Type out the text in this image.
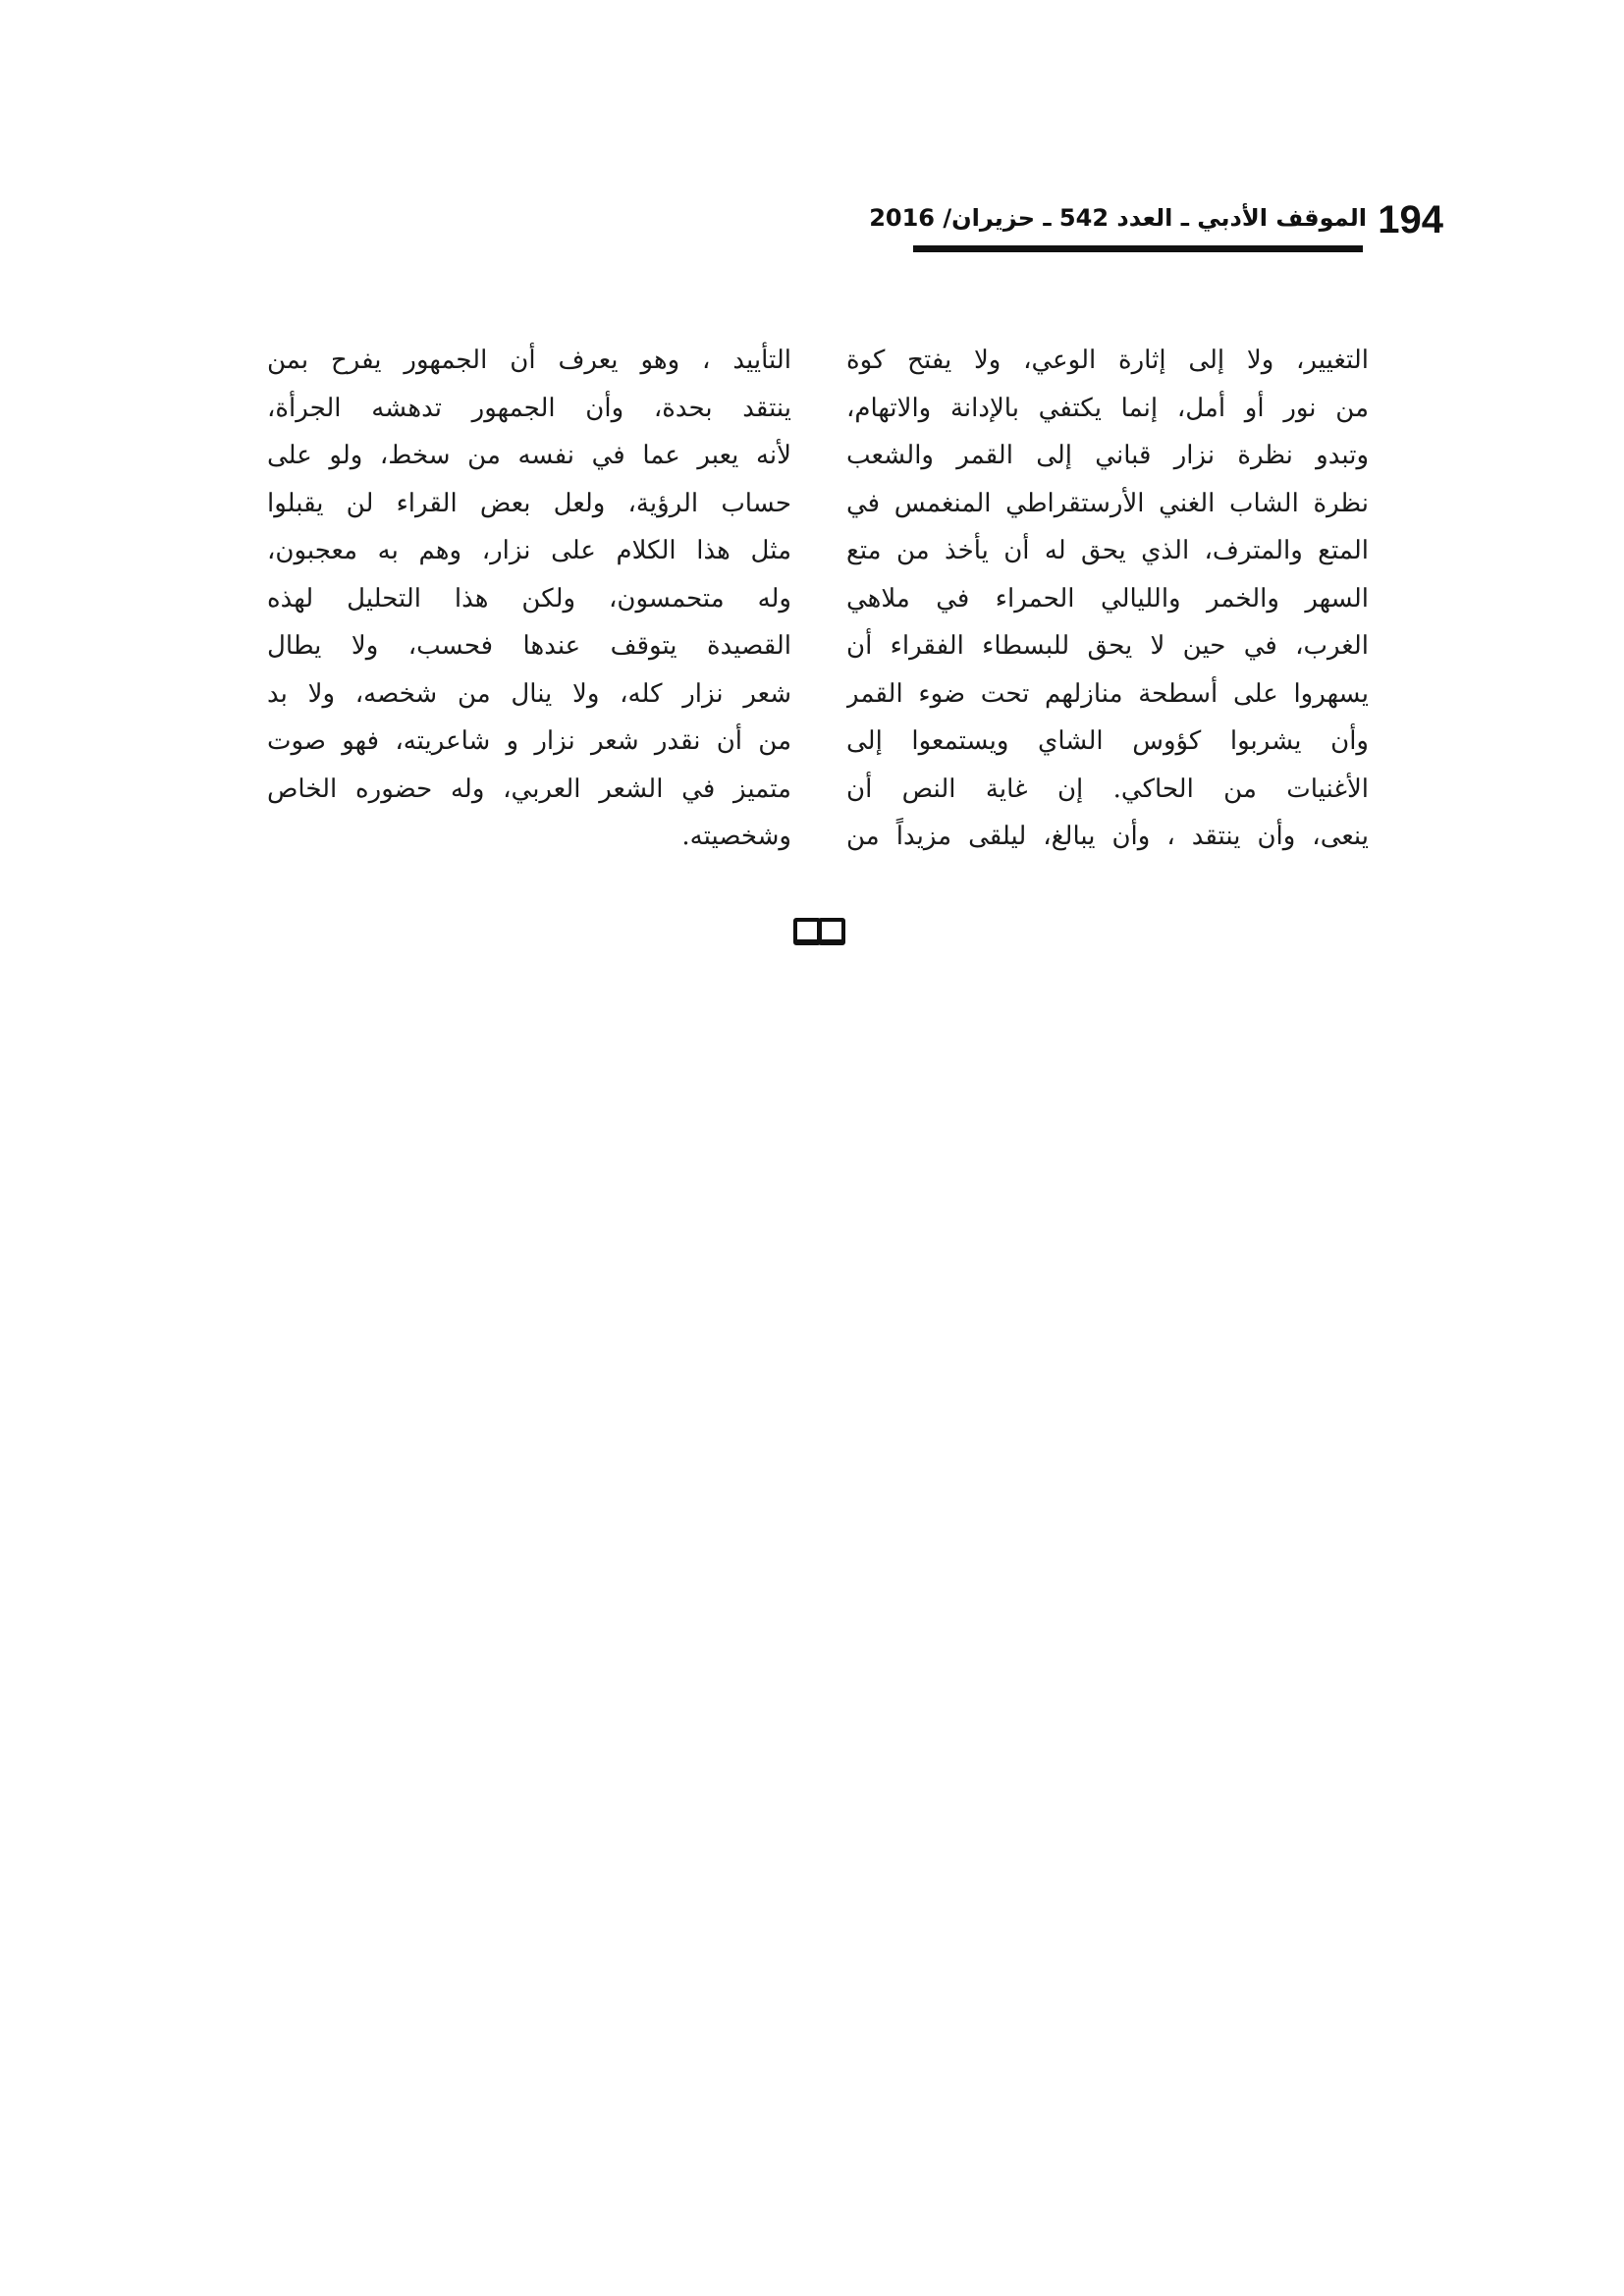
194
الموقف الأدبي ـ العدد 542 ـ حزيران/ 2016
التغيير، ولا إلى إثارة الوعي، ولا يفتح كوة
من نور أو أمل، إنما يكتفي بالإدانة والاتهام،
وتبدو نظرة نزار قباني إلى القمر والشعب
نظرة الشاب الغني الأرستقراطي المنغمس في
المتع والمترف، الذي يحق له أن يأخذ من متع
السهر والخمر والليالي الحمراء في ملاهي
الغرب، في حين لا يحق للبسطاء الفقراء أن
يسهروا على أسطحة منازلهم تحت ضوء القمر
وأن يشربوا كؤوس الشاي ويستمعوا إلى
الأغنيات من الحاكي. إن غاية النص أن
ينعى، وأن ينتقد ، وأن يبالغ، ليلقى مزيداً من
التأييد ، وهو يعرف أن الجمهور يفرح بمن
ينتقد بحدة، وأن الجمهور تدهشه الجرأة،
لأنه يعبر عما في نفسه من سخط، ولو على
حساب الرؤية، ولعل بعض القراء لن يقبلوا
مثل هذا الكلام على نزار، وهم به معجبون،
وله متحمسون، ولكن هذا التحليل لهذه
القصيدة يتوقف عندها فحسب، ولا يطال
شعر نزار كله، ولا ينال من شخصه، ولا بد
من أن نقدر شعر نزار و شاعريته، فهو صوت
متميز في الشعر العربي، وله حضوره الخاص
وشخصيته.
